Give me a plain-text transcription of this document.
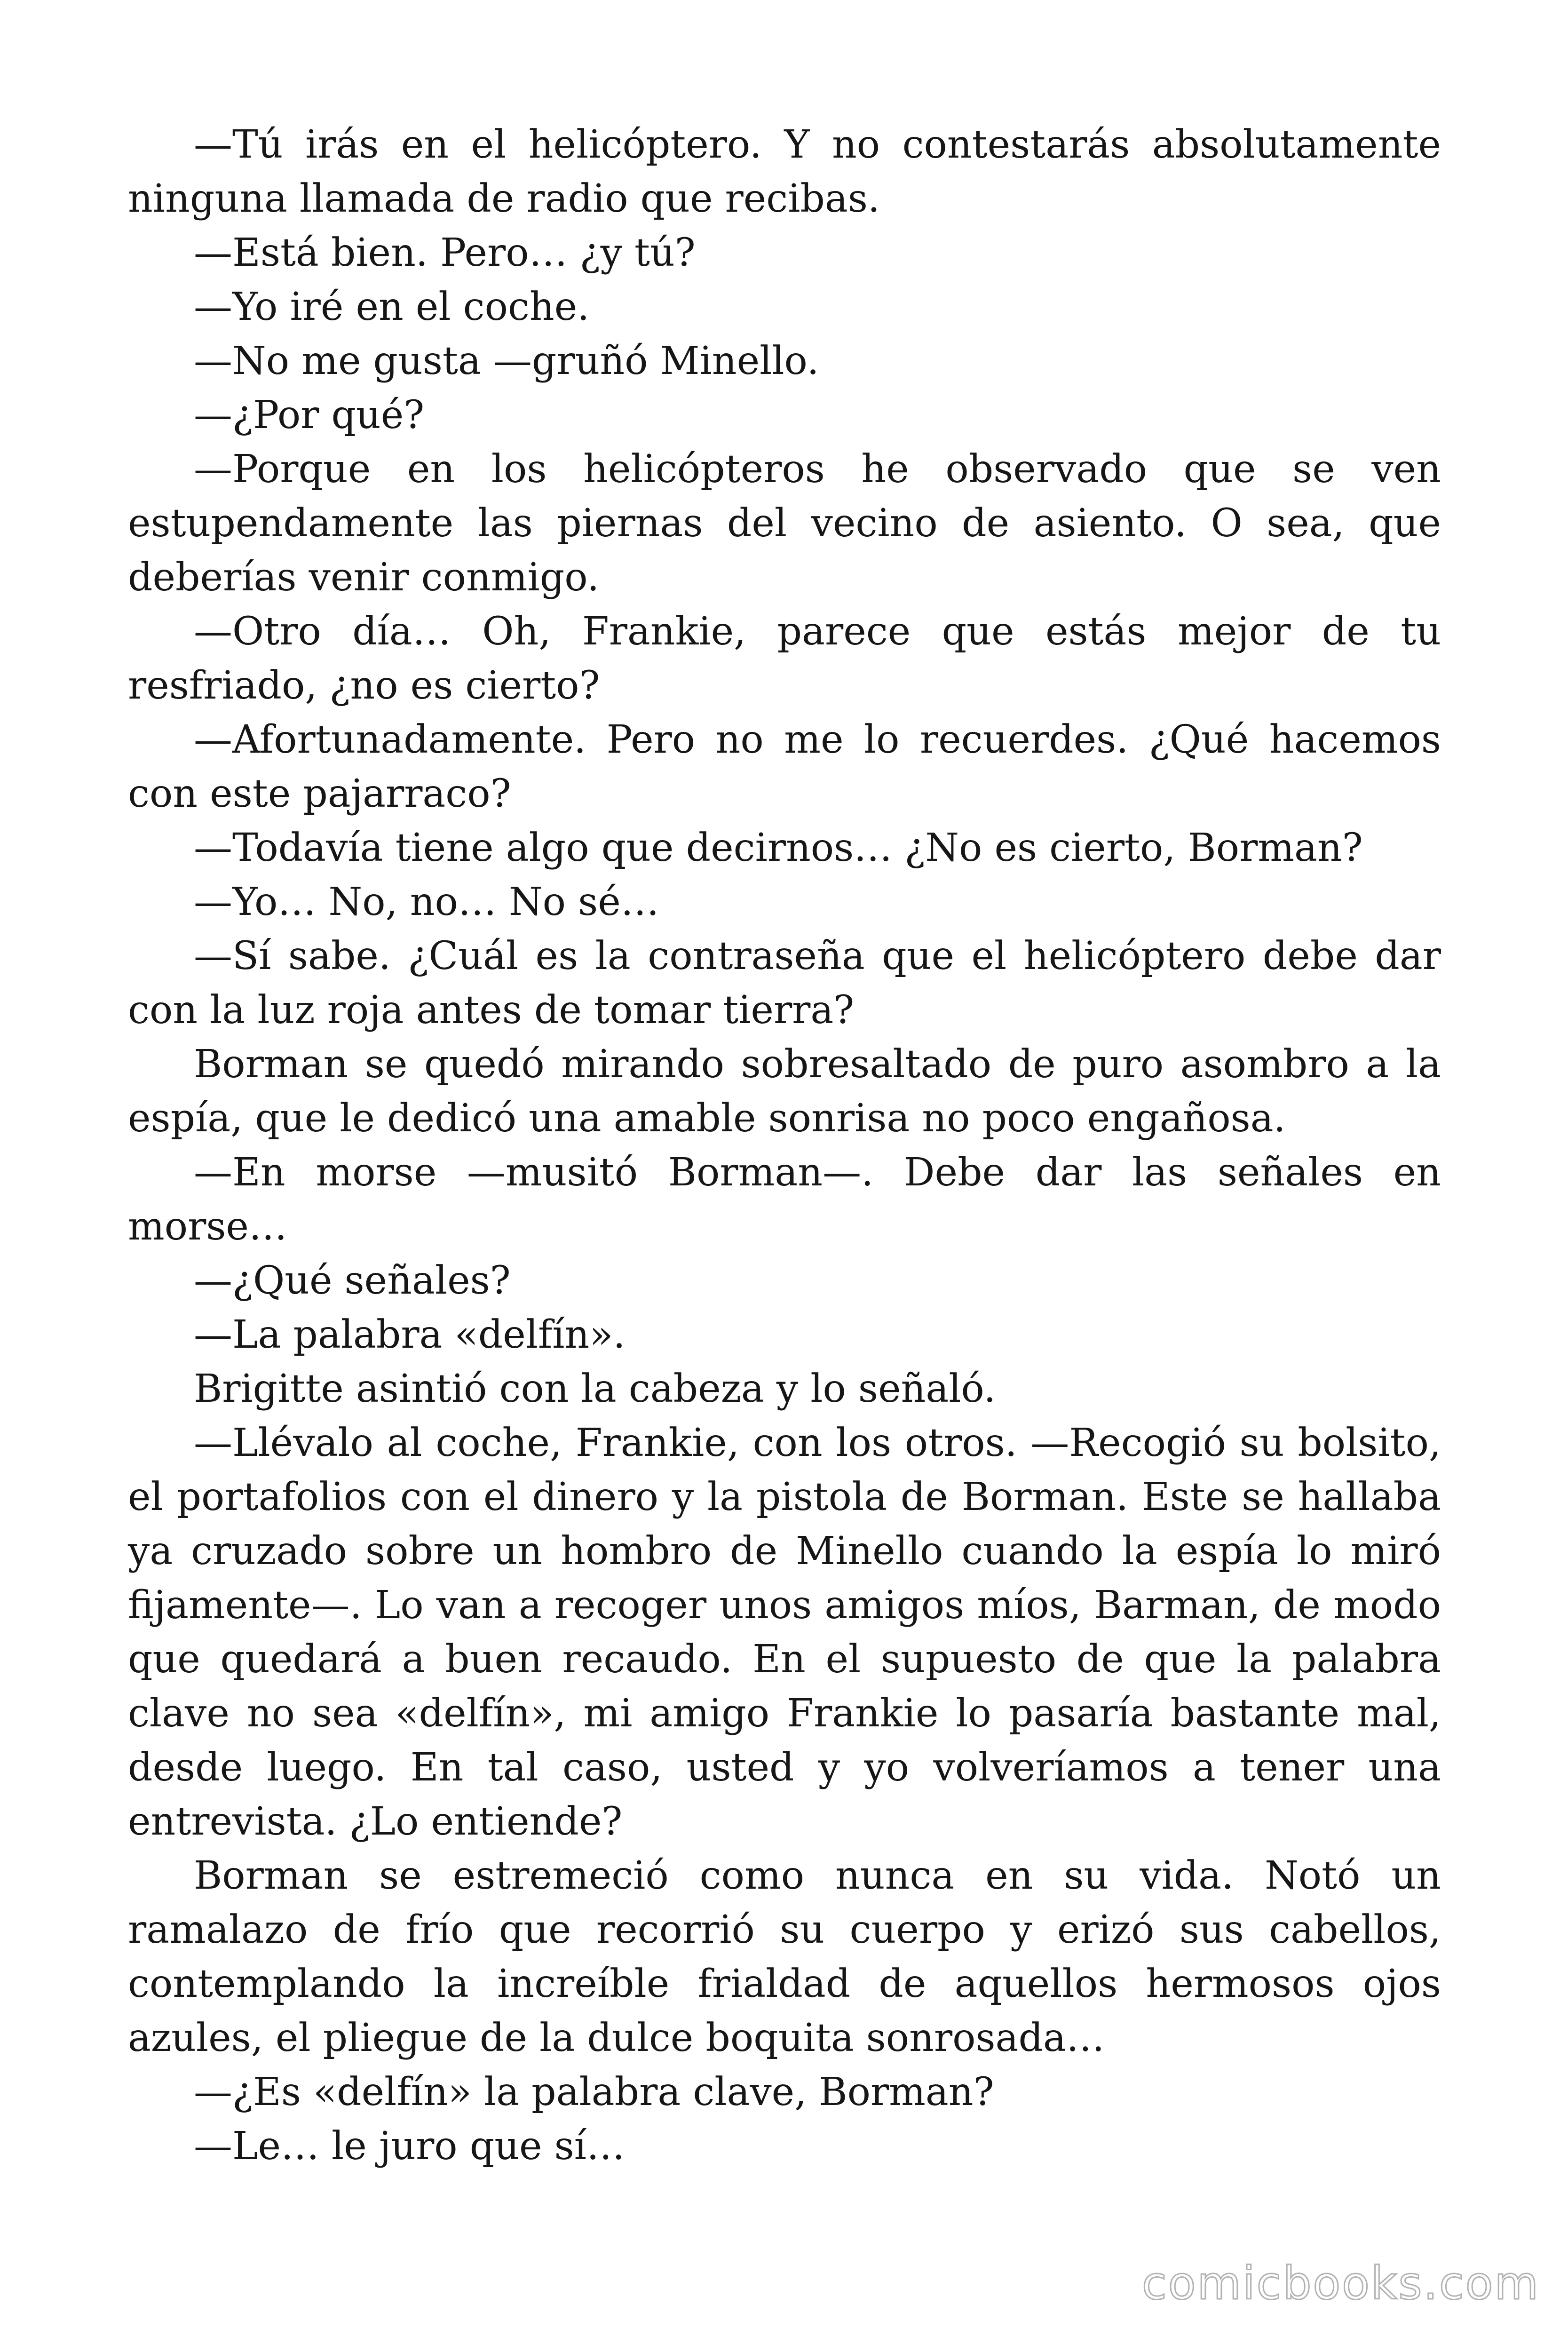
—Tú irás en el helicóptero. Y no contestarás absolutamente ninguna llamada de radio que recibas.

—Está bien. Pero… ¿y tú?

—Yo iré en el coche.

—No me gusta —gruñó Minello.

—¿Por qué?

—Porque en los helicópteros he observado que se ven estupendamente las piernas del vecino de asiento. O sea, que deberías venir conmigo.

—Otro día… Oh, Frankie, parece que estás mejor de tu resfriado, ¿no es cierto?

—Afortunadamente. Pero no me lo recuerdes. ¿Qué hacemos con este pajarraco?

—Todavía tiene algo que decirnos… ¿No es cierto, Borman?

—Yo… No, no… No sé…

—Sí sabe. ¿Cuál es la contraseña que el helicóptero debe dar con la luz roja antes de tomar tierra?

Borman se quedó mirando sobresaltado de puro asombro a la espía, que le dedicó una amable sonrisa no poco engañosa.

—En morse —musitó Borman—. Debe dar las señales en morse…

—¿Qué señales?

—La palabra «delfín».

Brigitte asintió con la cabeza y lo señaló.

—Llévalo al coche, Frankie, con los otros. —Recogió su bolsito, el portafolios con el dinero y la pistola de Borman. Este se hallaba ya cruzado sobre un hombro de Minello cuando la espía lo miró fijamente—. Lo van a recoger unos amigos míos, Barman, de modo que quedará a buen recaudo. En el supuesto de que la palabra clave no sea «delfín», mi amigo Frankie lo pasaría bastante mal, desde luego. En tal caso, usted y yo volveríamos a tener una entrevista. ¿Lo entiende?

Borman se estremeció como nunca en su vida. Notó un ramalazo de frío que recorrió su cuerpo y erizó sus cabellos, contemplando la increíble frialdad de aquellos hermosos ojos azules, el pliegue de la dulce boquita sonrosada…

—¿Es «delfín» la palabra clave, Borman?

—Le… le juro que sí…

comicbooks.com
